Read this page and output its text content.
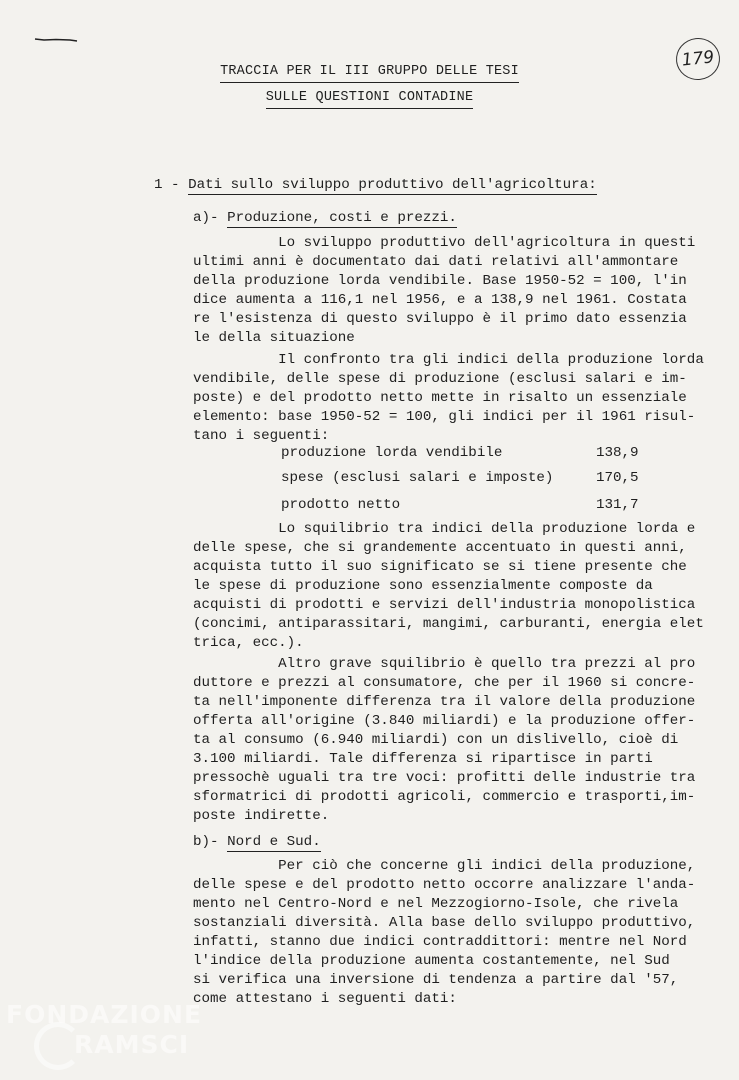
179
TRACCIA PER IL III GRUPPO DELLE TESI
SULLE QUESTIONI CONTADINE
1 - Dati sullo sviluppo produttivo dell'agricoltura:
a)- Produzione, costi e prezzi.
Lo sviluppo produttivo dell'agricoltura in questi
ultimi anni è documentato dai dati relativi all'ammontare
della produzione lorda vendibile. Base 1950-52 = 100, l'in
dice aumenta a 116,1 nel 1956, e a 138,9 nel 1961. Costata
re l'esistenza di questo sviluppo è il primo dato essenzia
le della situazione
Il confronto tra gli indici della produzione lorda
vendibile, delle spese di produzione (esclusi salari e im-
poste) e del prodotto netto mette in risalto un essenziale
elemento: base 1950-52 = 100, gli indici per il 1961 risul-
tano i seguenti:
produzione lorda vendibile	138,9
spese (esclusi salari e imposte)	170,5
prodotto netto	131,7
Lo squilibrio tra indici della produzione lorda e
delle spese, che si grandemente accentuato in questi anni,
acquista tutto il suo significato se si tiene presente che
le spese di produzione sono essenzialmente composte da
acquisti di prodotti e servizi dell'industria monopolistica
(concimi, antiparassitari, mangimi, carburanti, energia elet
trica, ecc.).
Altro grave squilibrio è quello tra prezzi al pro
duttore e prezzi al consumatore, che per il 1960 si concre-
ta nell'imponente differenza tra il valore della produzione
offerta all'origine (3.840 miliardi) e la produzione offer-
ta al consumo (6.940 miliardi) con un dislivello, cioè di
3.100 miliardi. Tale differenza si ripartisce in parti
pressochè uguali tra tre voci: profitti delle industrie tra
sformatrici di prodotti agricoli, commercio e trasporti,im-
poste indirette.
b)- Nord e Sud.
Per ciò che concerne gli indici della produzione,
delle spese e del prodotto netto occorre analizzare l'anda-
mento nel Centro-Nord e nel Mezzogiorno-Isole, che rivela
sostanziali diversità. Alla base dello sviluppo produttivo,
infatti, stanno due indici contraddittori: mentre nel Nord
l'indice della produzione aumenta costantemente, nel Sud
si verifica una inversione di tendenza a partire dal '57,
come attestano i seguenti dati:
FONDAZIONE
RAMSCI
